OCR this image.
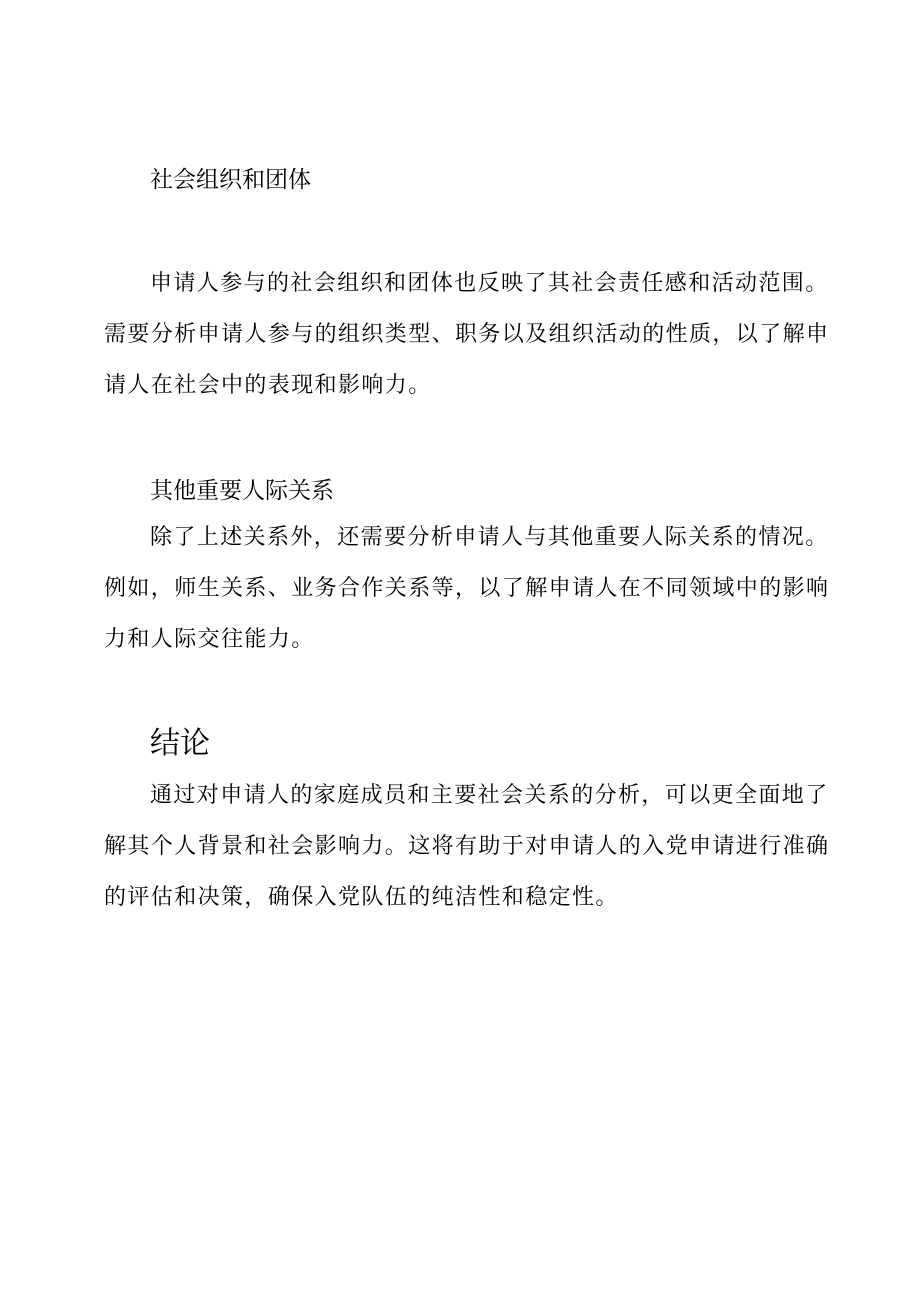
社会组织和团体

申请人参与的社会组织和团体也反映了其社会责任感和活动范围。
需要分析申请人参与的组织类型、职务以及组织活动的性质，以了解申
请人在社会中的表现和影响力。

其他重要人际关系

除了上述关系外，还需要分析申请人与其他重要人际关系的情况。
例如，师生关系、业务合作关系等，以了解申请人在不同领域中的影响
力和人际交往能力。

结论

通过对申请人的家庭成员和主要社会关系的分析，可以更全面地了
解其个人背景和社会影响力。这将有助于对申请人的入党申请进行准确
的评估和决策，确保入党队伍的纯洁性和稳定性。
